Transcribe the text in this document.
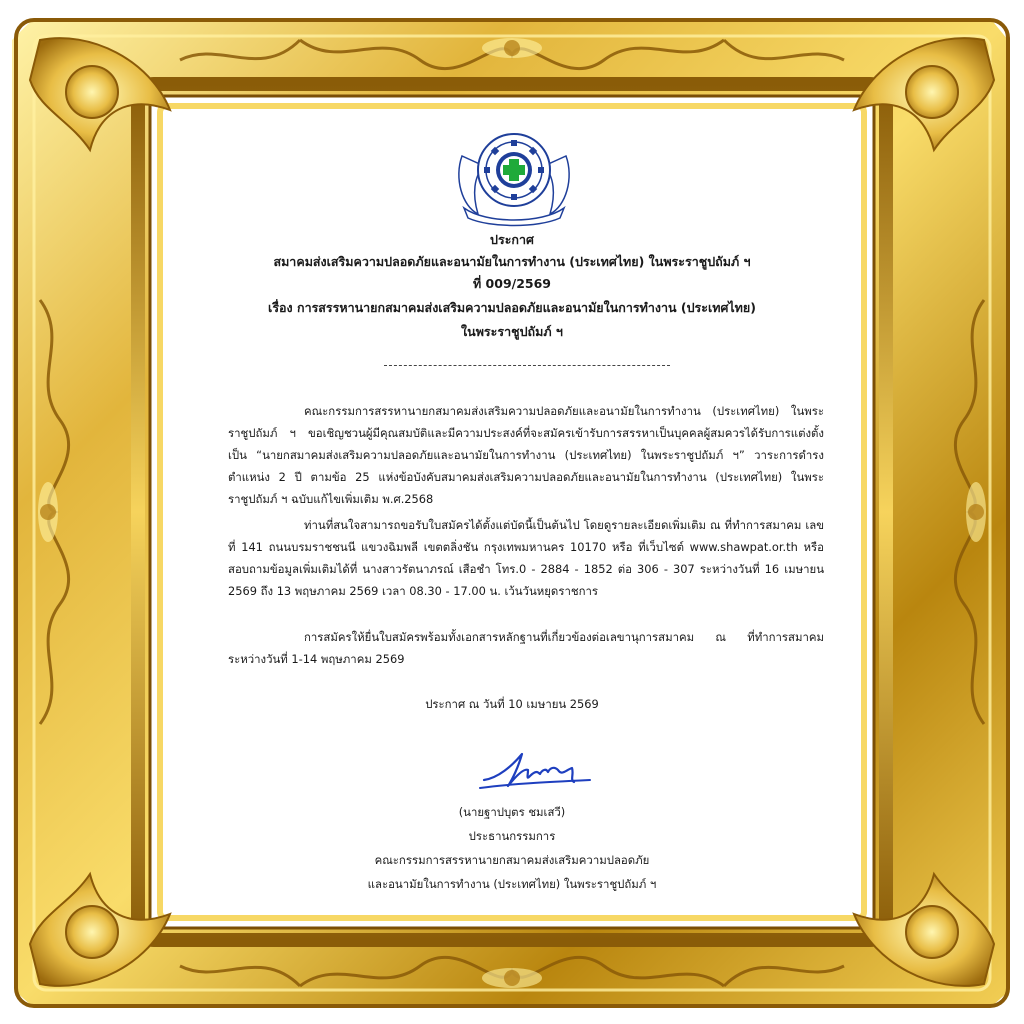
ประกาศ
สมาคมส่งเสริมความปลอดภัยและอนามัยในการทำงาน (ประเทศไทย) ในพระราชูปถัมภ์ ฯ
ที่ 009/2569
เรื่อง การสรรหานายกสมาคมส่งเสริมความปลอดภัยและอนามัยในการทำงาน (ประเทศไทย)
ในพระราชูปถัมภ์ ฯ
คณะกรรมการสรรหานายกสมาคมส่งเสริมความปลอดภัยและอนามัยในการทำงาน (ประเทศไทย) ในพระราชูปถัมภ์ ฯ ขอเชิญชวนผู้มีคุณสมบัติและมีความประสงค์ที่จะสมัครเข้ารับการสรรหาเป็นบุคคลผู้สมควรได้รับการแต่งตั้งเป็น “นายกสมาคมส่งเสริมความปลอดภัยและอนามัยในการทำงาน (ประเทศไทย) ในพระราชูปถัมภ์ ฯ” วาระการดำรงตำแหน่ง 2 ปี ตามข้อ 25 แห่งข้อบังคับสมาคมส่งเสริมความปลอดภัยและอนามัยในการทำงาน (ประเทศไทย) ในพระราชูปถัมภ์ ฯ ฉบับแก้ไขเพิ่มเติม พ.ศ.2568
ท่านที่สนใจสามารถขอรับใบสมัครได้ตั้งแต่บัดนี้เป็นต้นไป โดยดูรายละเอียดเพิ่มเติม ณ ที่ทำการสมาคม เลขที่ 141 ถนนบรมราชชนนี แขวงฉิมพลี เขตตลิ่งชัน กรุงเทพมหานคร 10170 หรือ ที่เว็บไซต์ www.shawpat.or.th หรือสอบถามข้อมูลเพิ่มเติมได้ที่ นางสาวรัตนาภรณ์ เสือชำ โทร.0 - 2884 - 1852 ต่อ 306 - 307 ระหว่างวันที่ 16 เมษายน 2569 ถึง 13 พฤษภาคม 2569 เวลา 08.30 - 17.00 น. เว้นวันหยุดราชการ
การสมัครให้ยื่นใบสมัครพร้อมทั้งเอกสารหลักฐานที่เกี่ยวข้องต่อเลขานุการสมาคม ณ ที่ทำการสมาคม ระหว่างวันที่ 1-14 พฤษภาคม 2569
ประกาศ ณ วันที่ 10 เมษายน 2569
(นายฐาปบุตร ชมเสวี)
ประธานกรรมการ
คณะกรรมการสรรหานายกสมาคมส่งเสริมความปลอดภัย
และอนามัยในการทำงาน (ประเทศไทย) ในพระราชูปถัมภ์ ฯ
